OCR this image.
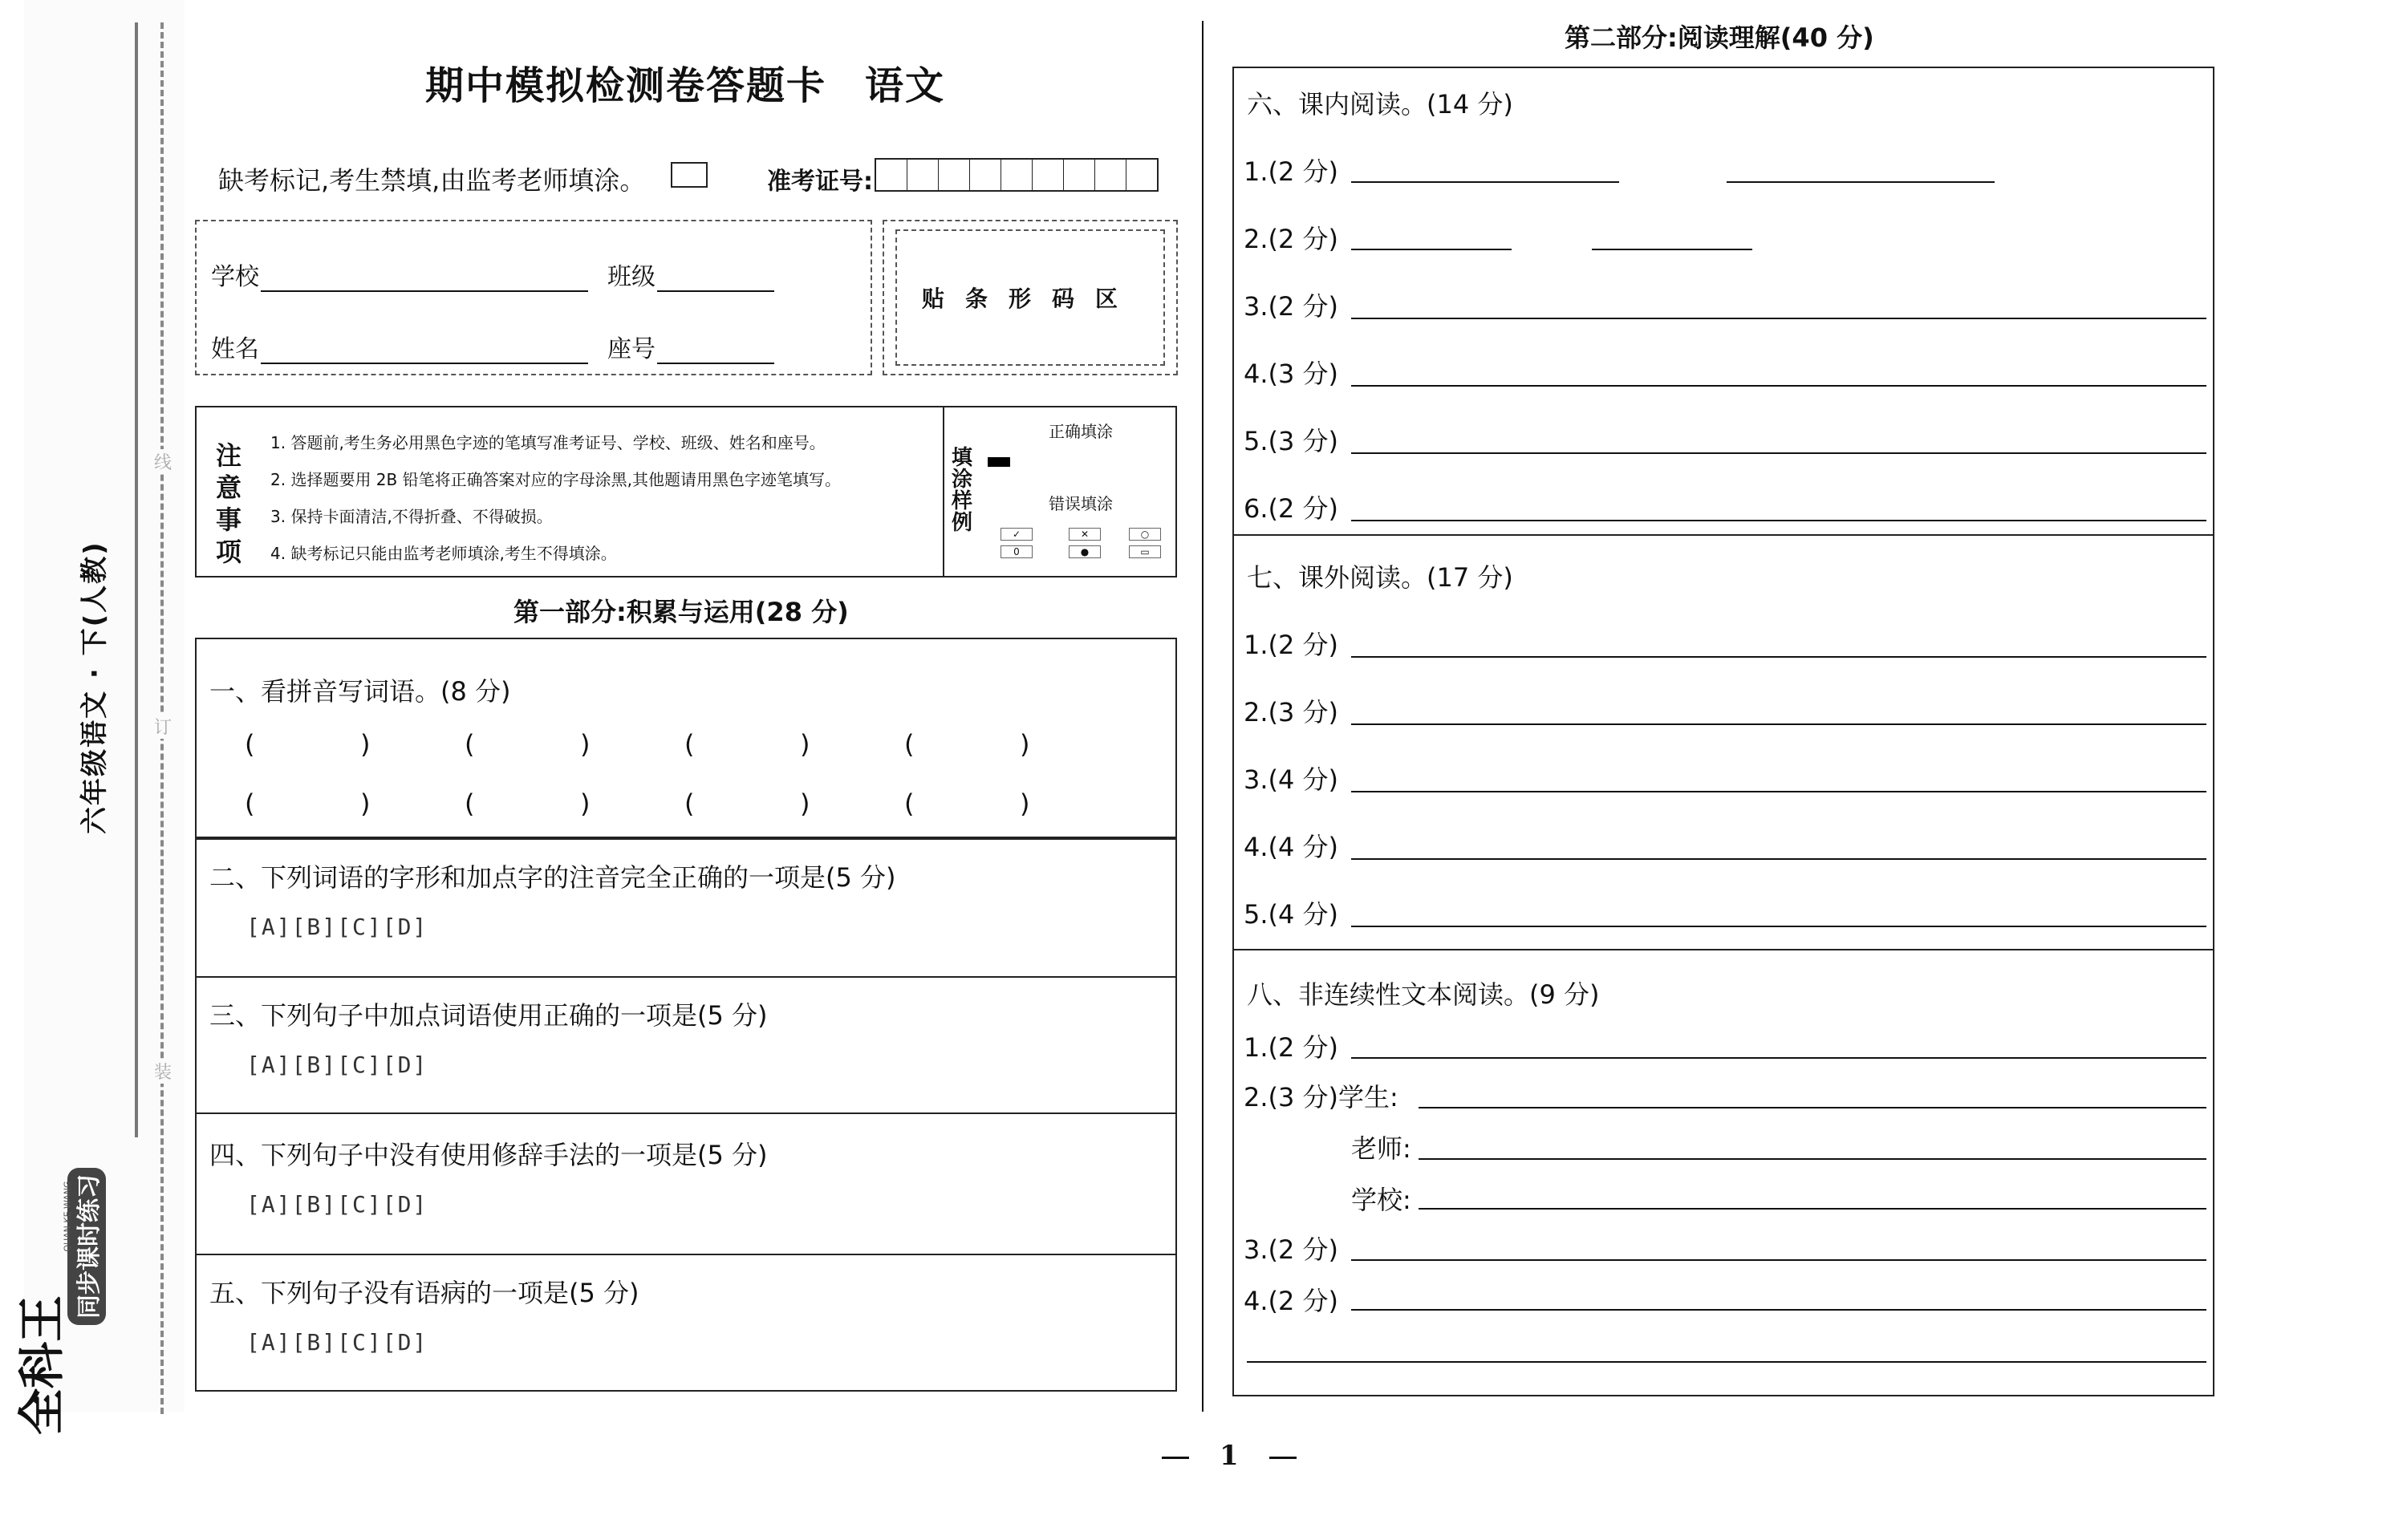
线
订
装
六年级语文 · 下(人教)
同步课时练习
QUAN KE WANG
全科王
期中模拟检测卷答题卡 语文
缺考标记,考生禁填,由监考老师填涂。	准考证号:
学校	班级
姓名	座号
贴条形码区
注意事项
1. 答题前,考生务必用黑色字迹的笔填写准考证号、学校、班级、姓名和座号。
2. 选择题要用 2B 铅笔将正确答案对应的字母涂黑,其他题请用黑色字迹笔填写。
3. 保持卡面清洁,不得折叠、不得破损。
4. 缺考标记只能由监考老师填涂,考生不得填涂。
填涂样例
正确填涂
错误填涂
✓	✕	○
0	●	▭
第一部分:积累与运用(28 分)
一、看拼音写词语。(8 分)
(	)	(	)	(	)	(	)
(	)	(	)	(	)	(	)
二、下列词语的字形和加点字的注音完全正确的一项是(5 分)
[A][B][C][D]
三、下列句子中加点词语使用正确的一项是(5 分)
[A][B][C][D]
四、下列句子中没有使用修辞手法的一项是(5 分)
[A][B][C][D]
五、下列句子没有语病的一项是(5 分)
[A][B][C][D]
第二部分:阅读理解(40 分)
六、课内阅读。(14 分)
1.(2 分)
2.(2 分)
3.(2 分)
4.(3 分)
5.(3 分)
6.(2 分)
七、课外阅读。(17 分)
1.(2 分)
2.(3 分)
3.(4 分)
4.(4 分)
5.(4 分)
八、非连续性文本阅读。(9 分)
1.(2 分)
2.(3 分)学生:
老师:
学校:
3.(2 分)
4.(2 分)
1
